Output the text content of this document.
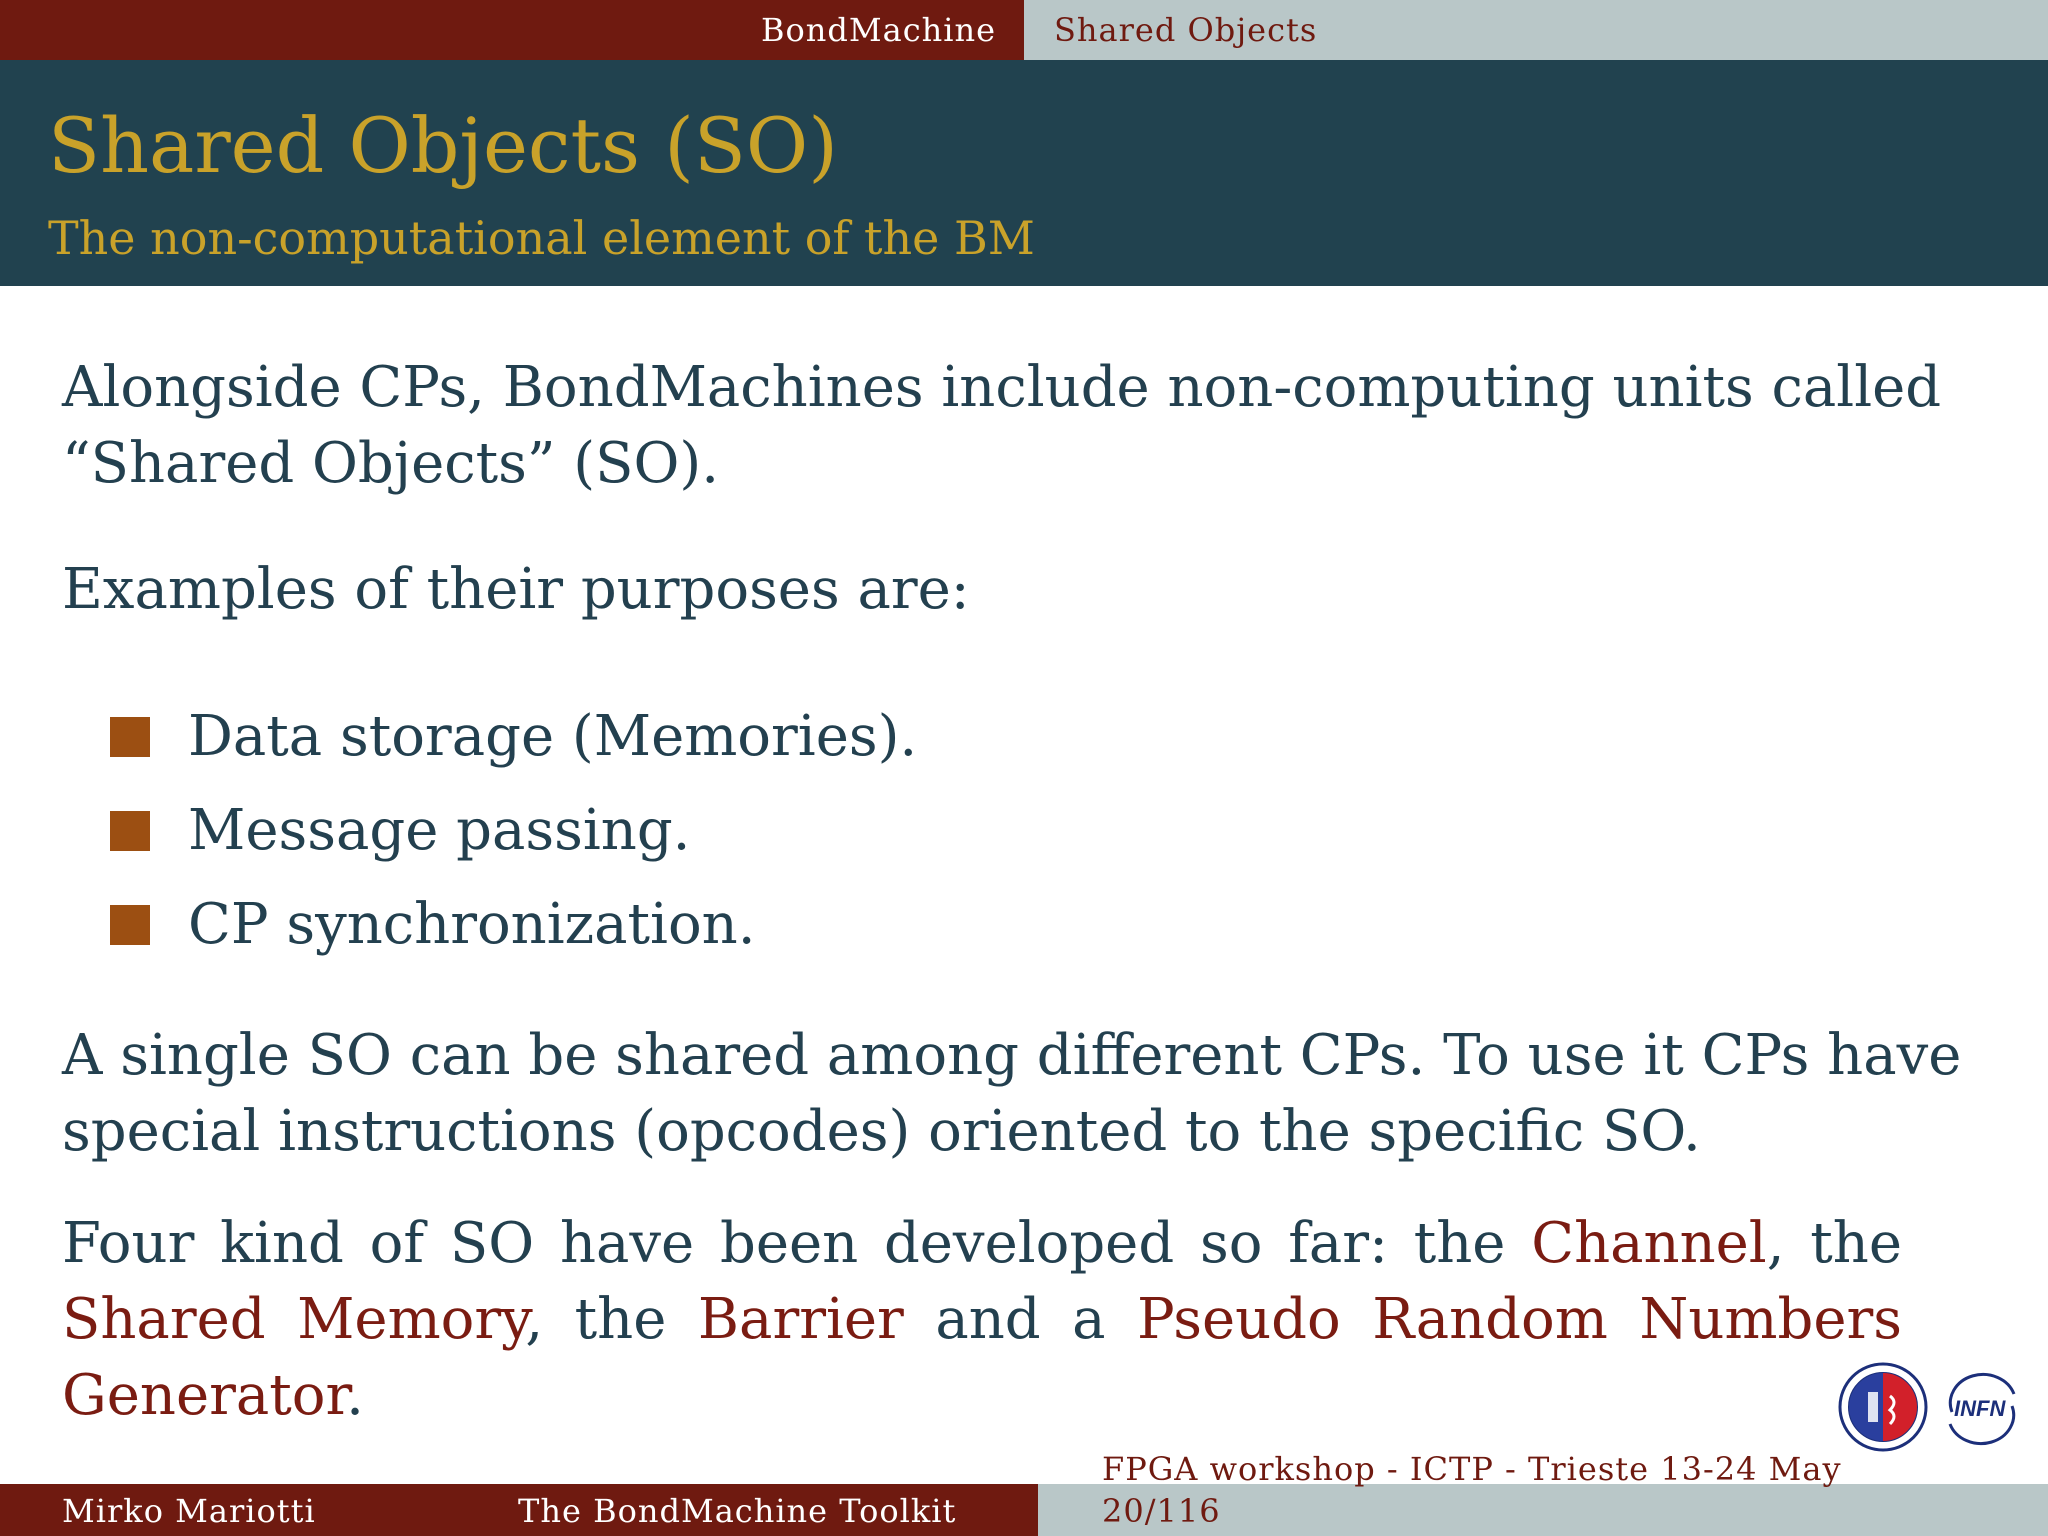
BondMachine Shared Objects
Shared Objects (SO)
The non-computational element of the BM

Alongside CPs, BondMachines include non-computing units called “Shared Objects” (SO).

Examples of their purposes are:

Data storage (Memories).
Message passing.
CP synchronization.

A single SO can be shared among different CPs. To use it CPs have special instructions (opcodes) oriented to the specific SO.

Four kind of SO have been developed so far: the Channel, the Shared Memory, the Barrier and a Pseudo Random Numbers Generator.	INFN
Mirko Mariotti	The BondMachine Toolkit
FPGA workshop - ICTP - Trieste 13-24 May
20/116
